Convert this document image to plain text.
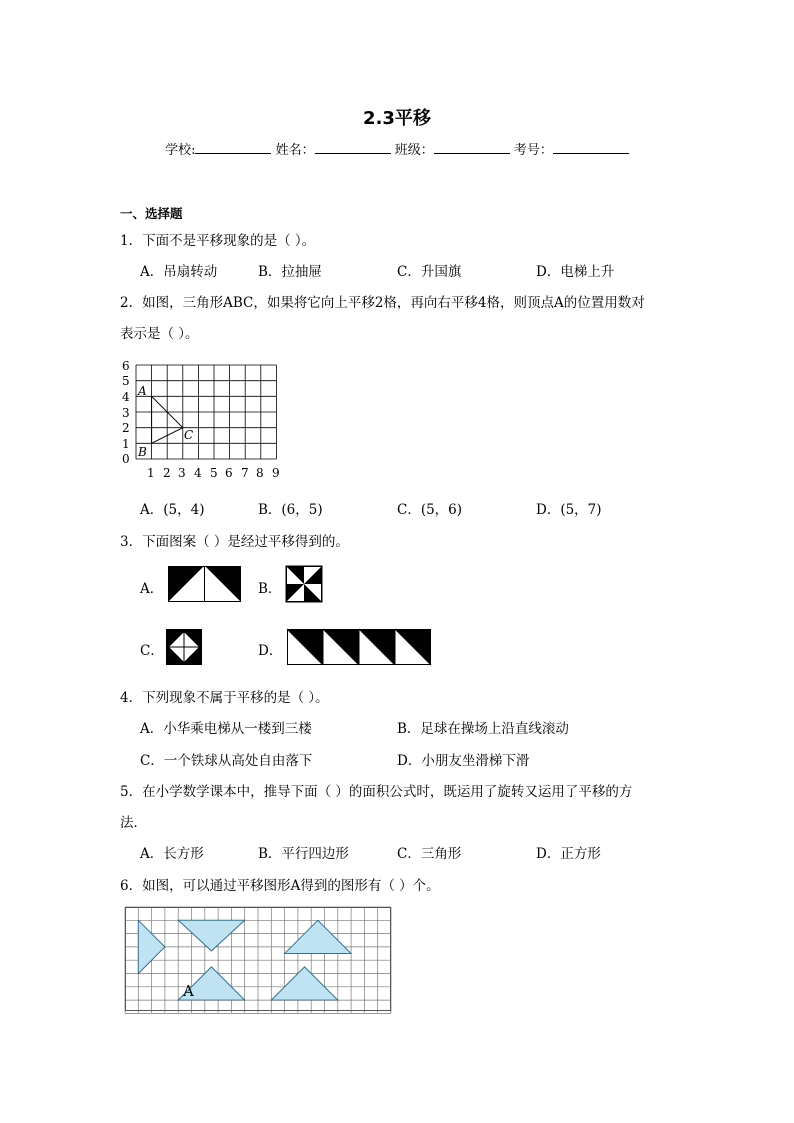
2.3平移
学校:	姓名：	班级：	考号：
一、选择题
1．下面不是平移现象的是（ ）。
A．吊扇转动	B．拉抽屉	C．升国旗	D．电梯上升
2．如图，三角形ABC，如果将它向上平移2格，再向右平移4格，则顶点A的位置用数对
表示是（ ）。
6
5
4
3
2
1
0
1 2 3 4 5 6 7 8 9
A
B
C
A．(5，4)	B．(6，5)	C．(5，6)	D．(5，7)
3．下面图案（ ）是经过平移得到的。
A．	B．
C．	D．
4．下列现象不属于平移的是（ ）。
A．小华乘电梯从一楼到三楼	B．足球在操场上沿直线滚动
C．一个铁球从高处自由落下	D．小朋友坐滑梯下滑
5．在小学数学课本中，推导下面（ ）的面积公式时，既运用了旋转又运用了平移的方
法．
A．长方形	B．平行四边形	C．三角形	D．正方形
6．如图，可以通过平移图形A得到的图形有（ ）个。
A
